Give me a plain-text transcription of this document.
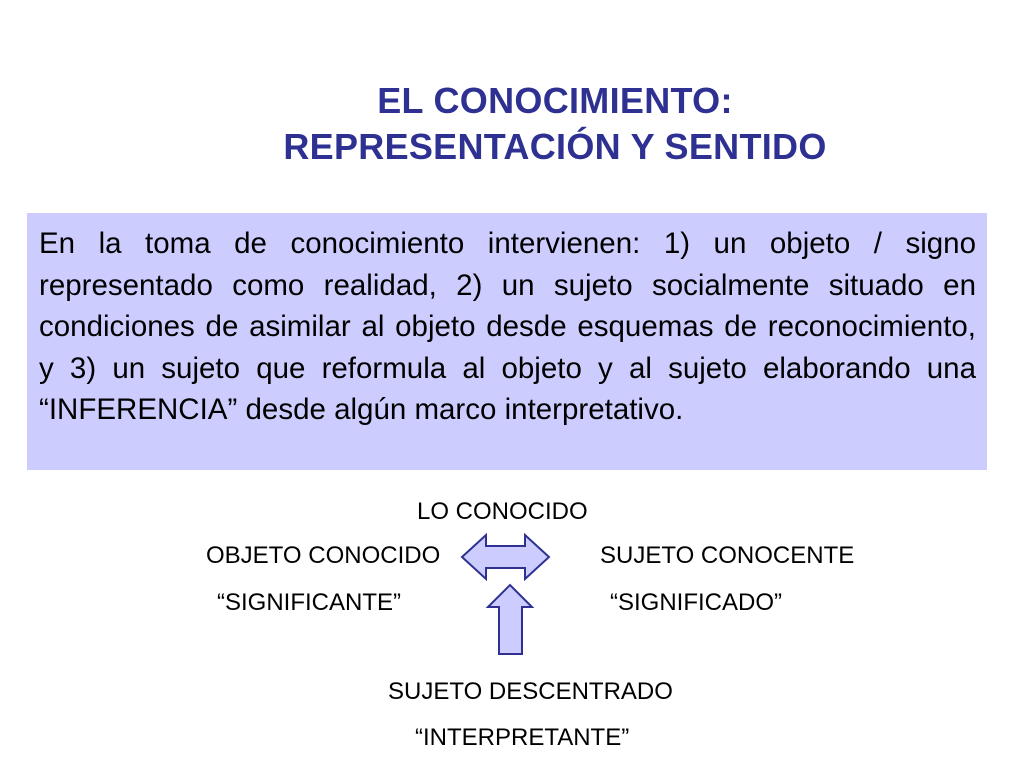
EL CONOCIMIENTO:
REPRESENTACIÓN Y SENTIDO

En la toma de conocimiento intervienen: 1) un objeto / signo representado como realidad, 2) un sujeto socialmente situado en condiciones de asimilar al objeto desde esquemas de reconocimiento, y 3) un sujeto que reformula al objeto y al sujeto elaborando una “INFERENCIA” desde algún marco interpretativo.

LO CONOCIDO
OBJETO CONOCIDO	SUJETO CONOCENTE
“SIGNIFICANTE”	“SIGNIFICADO”
SUJETO DESCENTRADO
“INTERPRETANTE”
